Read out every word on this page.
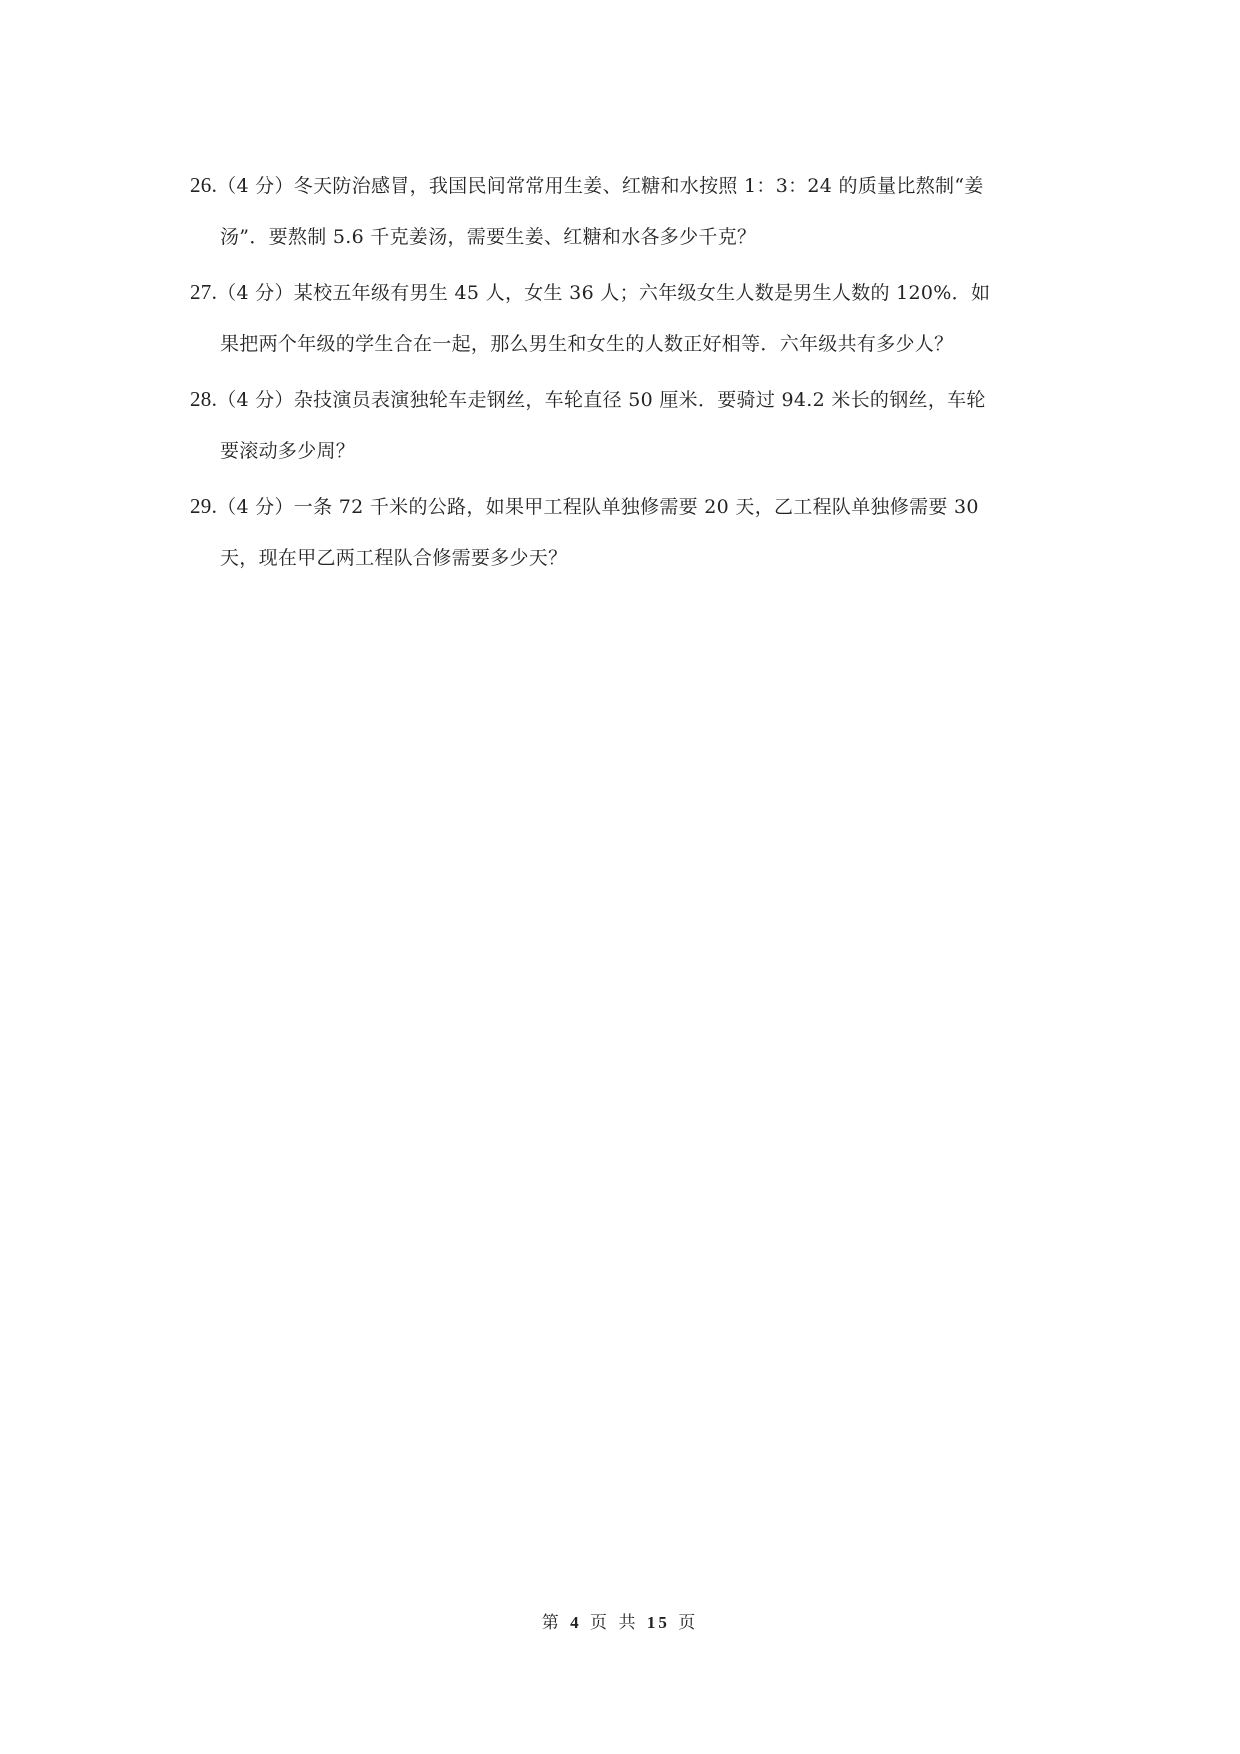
26.（4 分）冬天防治感冒，我国民间常常用生姜、红糖和水按照 1：3：24 的质量比熬制“姜
汤”．要熬制 5.6 千克姜汤，需要生姜、红糖和水各多少千克？
27.（4 分）某校五年级有男生 45 人，女生 36 人；六年级女生人数是男生人数的 120%．如
果把两个年级的学生合在一起，那么男生和女生的人数正好相等．六年级共有多少人？
28.（4 分）杂技演员表演独轮车走钢丝，车轮直径 50 厘米．要骑过 94.2 米长的钢丝，车轮
要滚动多少周？
29.（4 分）一条 72 千米的公路，如果甲工程队单独修需要 20 天，乙工程队单独修需要 30
天，现在甲乙两工程队合修需要多少天？
第 4 页 共 15 页
